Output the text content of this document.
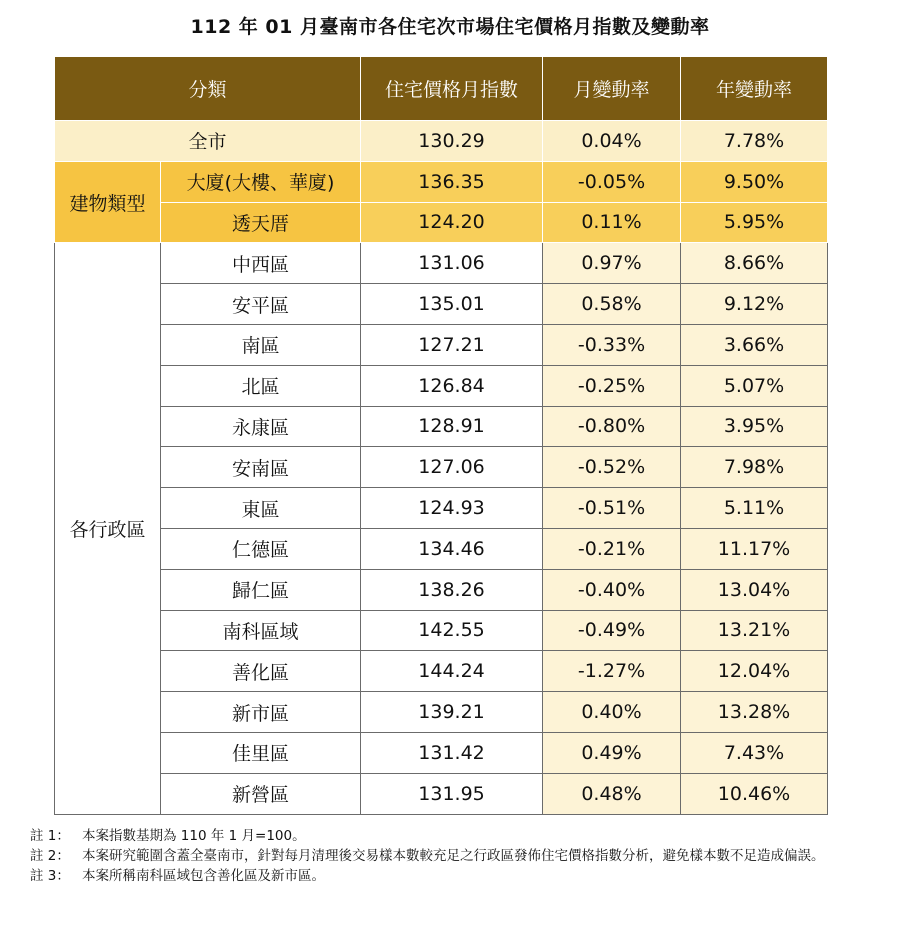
112 年 01 月臺南市各住宅次市場住宅價格月指數及變動率
分類		住宅價格月指數	月變動率	年變動率
全市		130.29	0.04%	7.78%
建物類型	大廈(大樓、華廈)	136.35	-0.05%	9.50%
	透天厝	124.20	0.11%	5.95%
各行政區	中西區	131.06	0.97%	8.66%
	安平區	135.01	0.58%	9.12%
	南區	127.21	-0.33%	3.66%
	北區	126.84	-0.25%	5.07%
	永康區	128.91	-0.80%	3.95%
	安南區	127.06	-0.52%	7.98%
	東區	124.93	-0.51%	5.11%
	仁德區	134.46	-0.21%	11.17%
	歸仁區	138.26	-0.40%	13.04%
	南科區域	142.55	-0.49%	13.21%
	善化區	144.24	-1.27%	12.04%
	新市區	139.21	0.40%	13.28%
	佳里區	131.42	0.49%	7.43%
	新營區	131.95	0.48%	10.46%
註 1： 本案指數基期為 110 年 1 月=100。
註 2： 本案研究範圍含蓋全臺南市，針對每月清理後交易樣本數較充足之行政區發佈住宅價格指數分析，避免樣本數不足造成偏誤。
註 3： 本案所稱南科區域包含善化區及新市區。
